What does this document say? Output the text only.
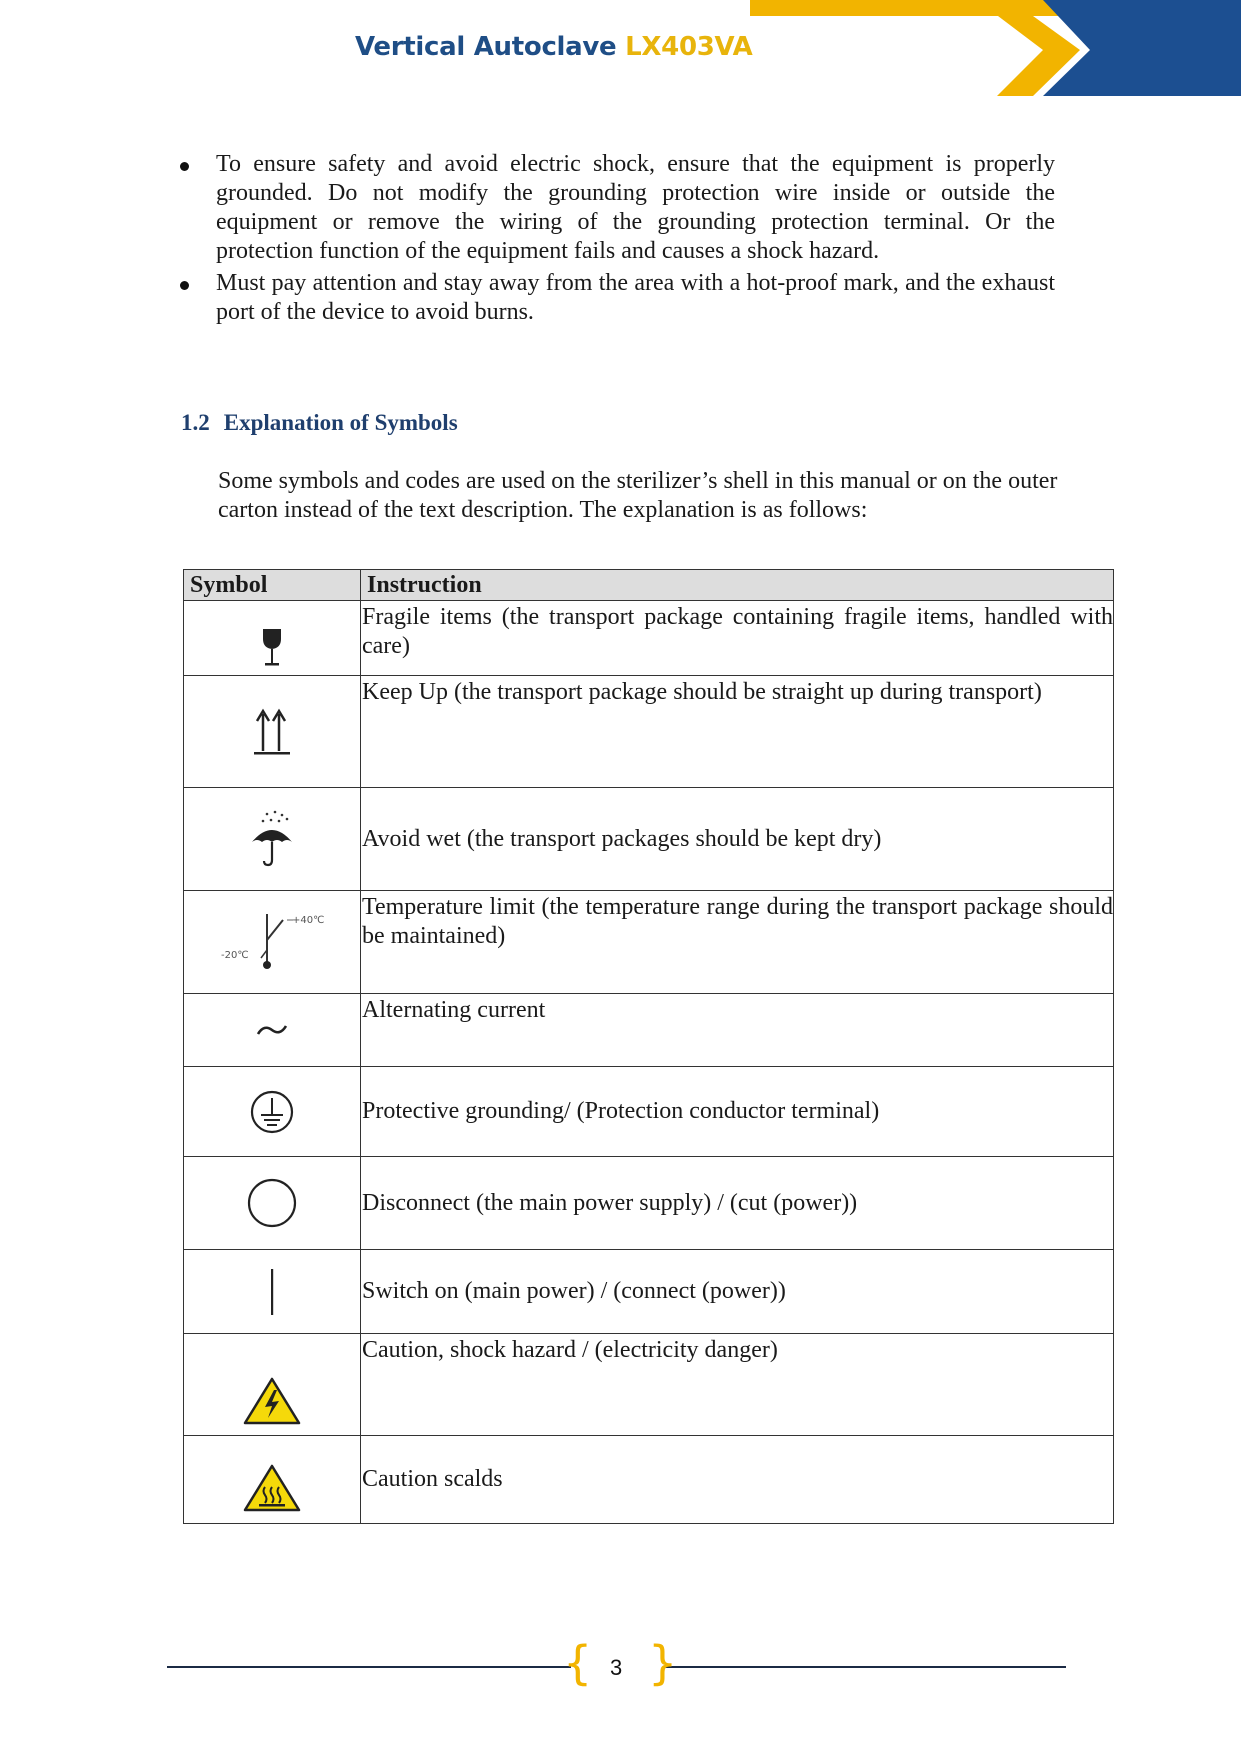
Vertical Autoclave LX403VA
To ensure safety and avoid electric shock, ensure that the equipment is properly grounded. Do not modify the grounding protection wire inside or outside the equipment or remove the wiring of the grounding protection terminal. Or the protection function of the equipment fails and causes a shock hazard.
Must pay attention and stay away from the area with a hot-proof mark, and the exhaust port of the device to avoid burns.
1.2 Explanation of Symbols
Some symbols and codes are used on the sterilizer’s shell in this manual or on the outer carton instead of the text description. The explanation is as follows:
Symbol	Instruction

	Fragile items (the transport package containing fragile items, handled with care)

	Keep Up (the transport package should be straight up during transport)

	Avoid wet (the transport packages should be kept dry)

+40℃
-20℃	Temperature limit (the temperature range during the transport package should be maintained)

	Alternating current

	Protective grounding/ (Protection conductor terminal)

	Disconnect (the main power supply) / (cut (power))

	Switch on (main power) / (connect (power))

	Caution, shock hazard / (electricity danger)

	Caution scalds
{ }
3
